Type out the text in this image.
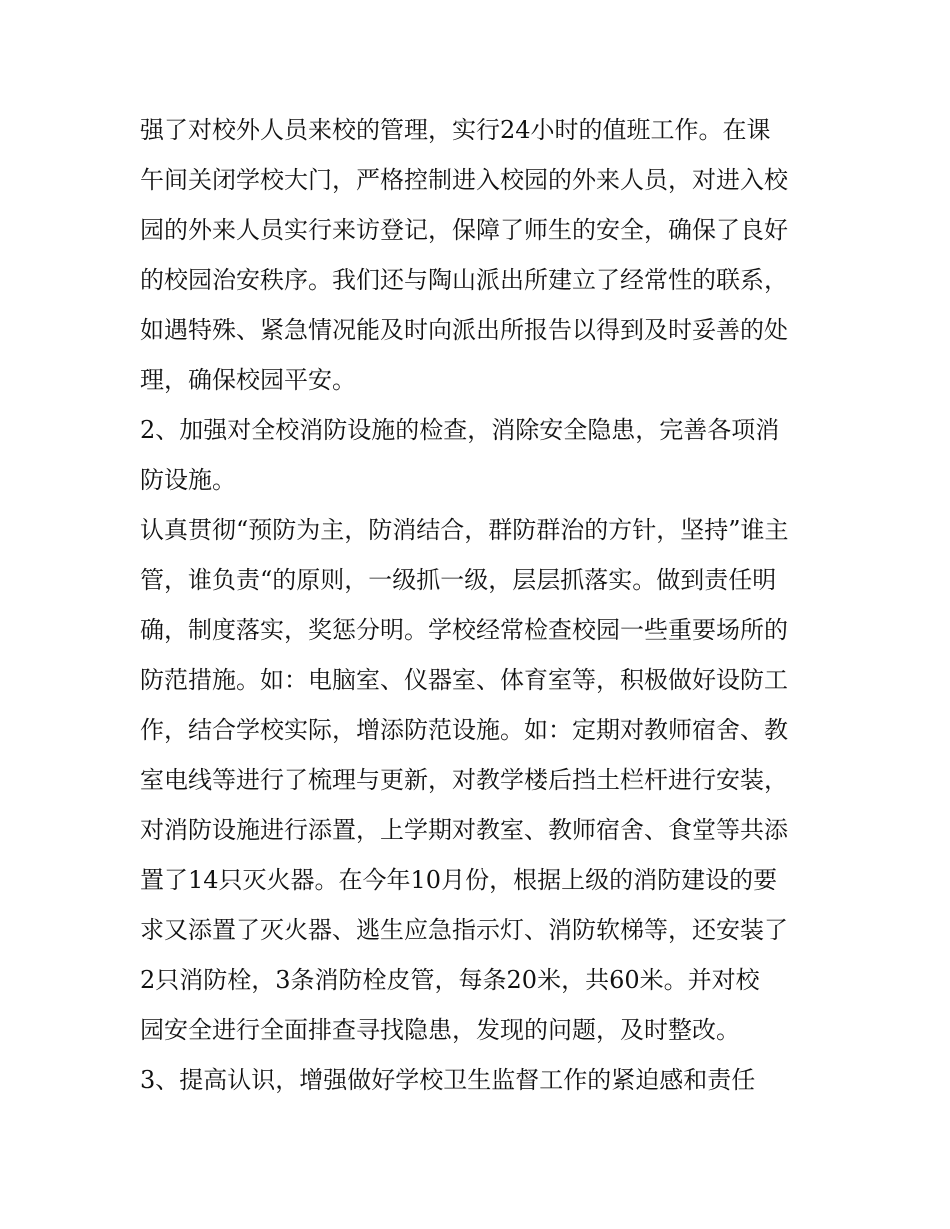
强了对校外人员来校的管理，实行24小时的值班工作。在课
午间关闭学校大门，严格控制进入校园的外来人员，对进入校
园的外来人员实行来访登记，保障了师生的安全，确保了良好
的校园治安秩序。我们还与陶山派出所建立了经常性的联系，
如遇特殊、紧急情况能及时向派出所报告以得到及时妥善的处
理，确保校园平安。
2、加强对全校消防设施的检查，消除安全隐患，完善各项消
防设施。
认真贯彻“预防为主，防消结合，群防群治的方针，坚持”谁主
管，谁负责“的原则，一级抓一级，层层抓落实。做到责任明
确，制度落实，奖惩分明。学校经常检查校园一些重要场所的
防范措施。如：电脑室、仪器室、体育室等，积极做好设防工
作，结合学校实际，增添防范设施。如：定期对教师宿舍、教
室电线等进行了梳理与更新，对教学楼后挡土栏杆进行安装，
对消防设施进行添置，上学期对教室、教师宿舍、食堂等共添
置了14只灭火器。在今年10月份，根据上级的消防建设的要
求又添置了灭火器、逃生应急指示灯、消防软梯等，还安装了
2只消防栓，3条消防栓皮管，每条20米，共60米。并对校
园安全进行全面排查寻找隐患，发现的问题，及时整改。
3、提高认识，增强做好学校卫生监督工作的紧迫感和责任
